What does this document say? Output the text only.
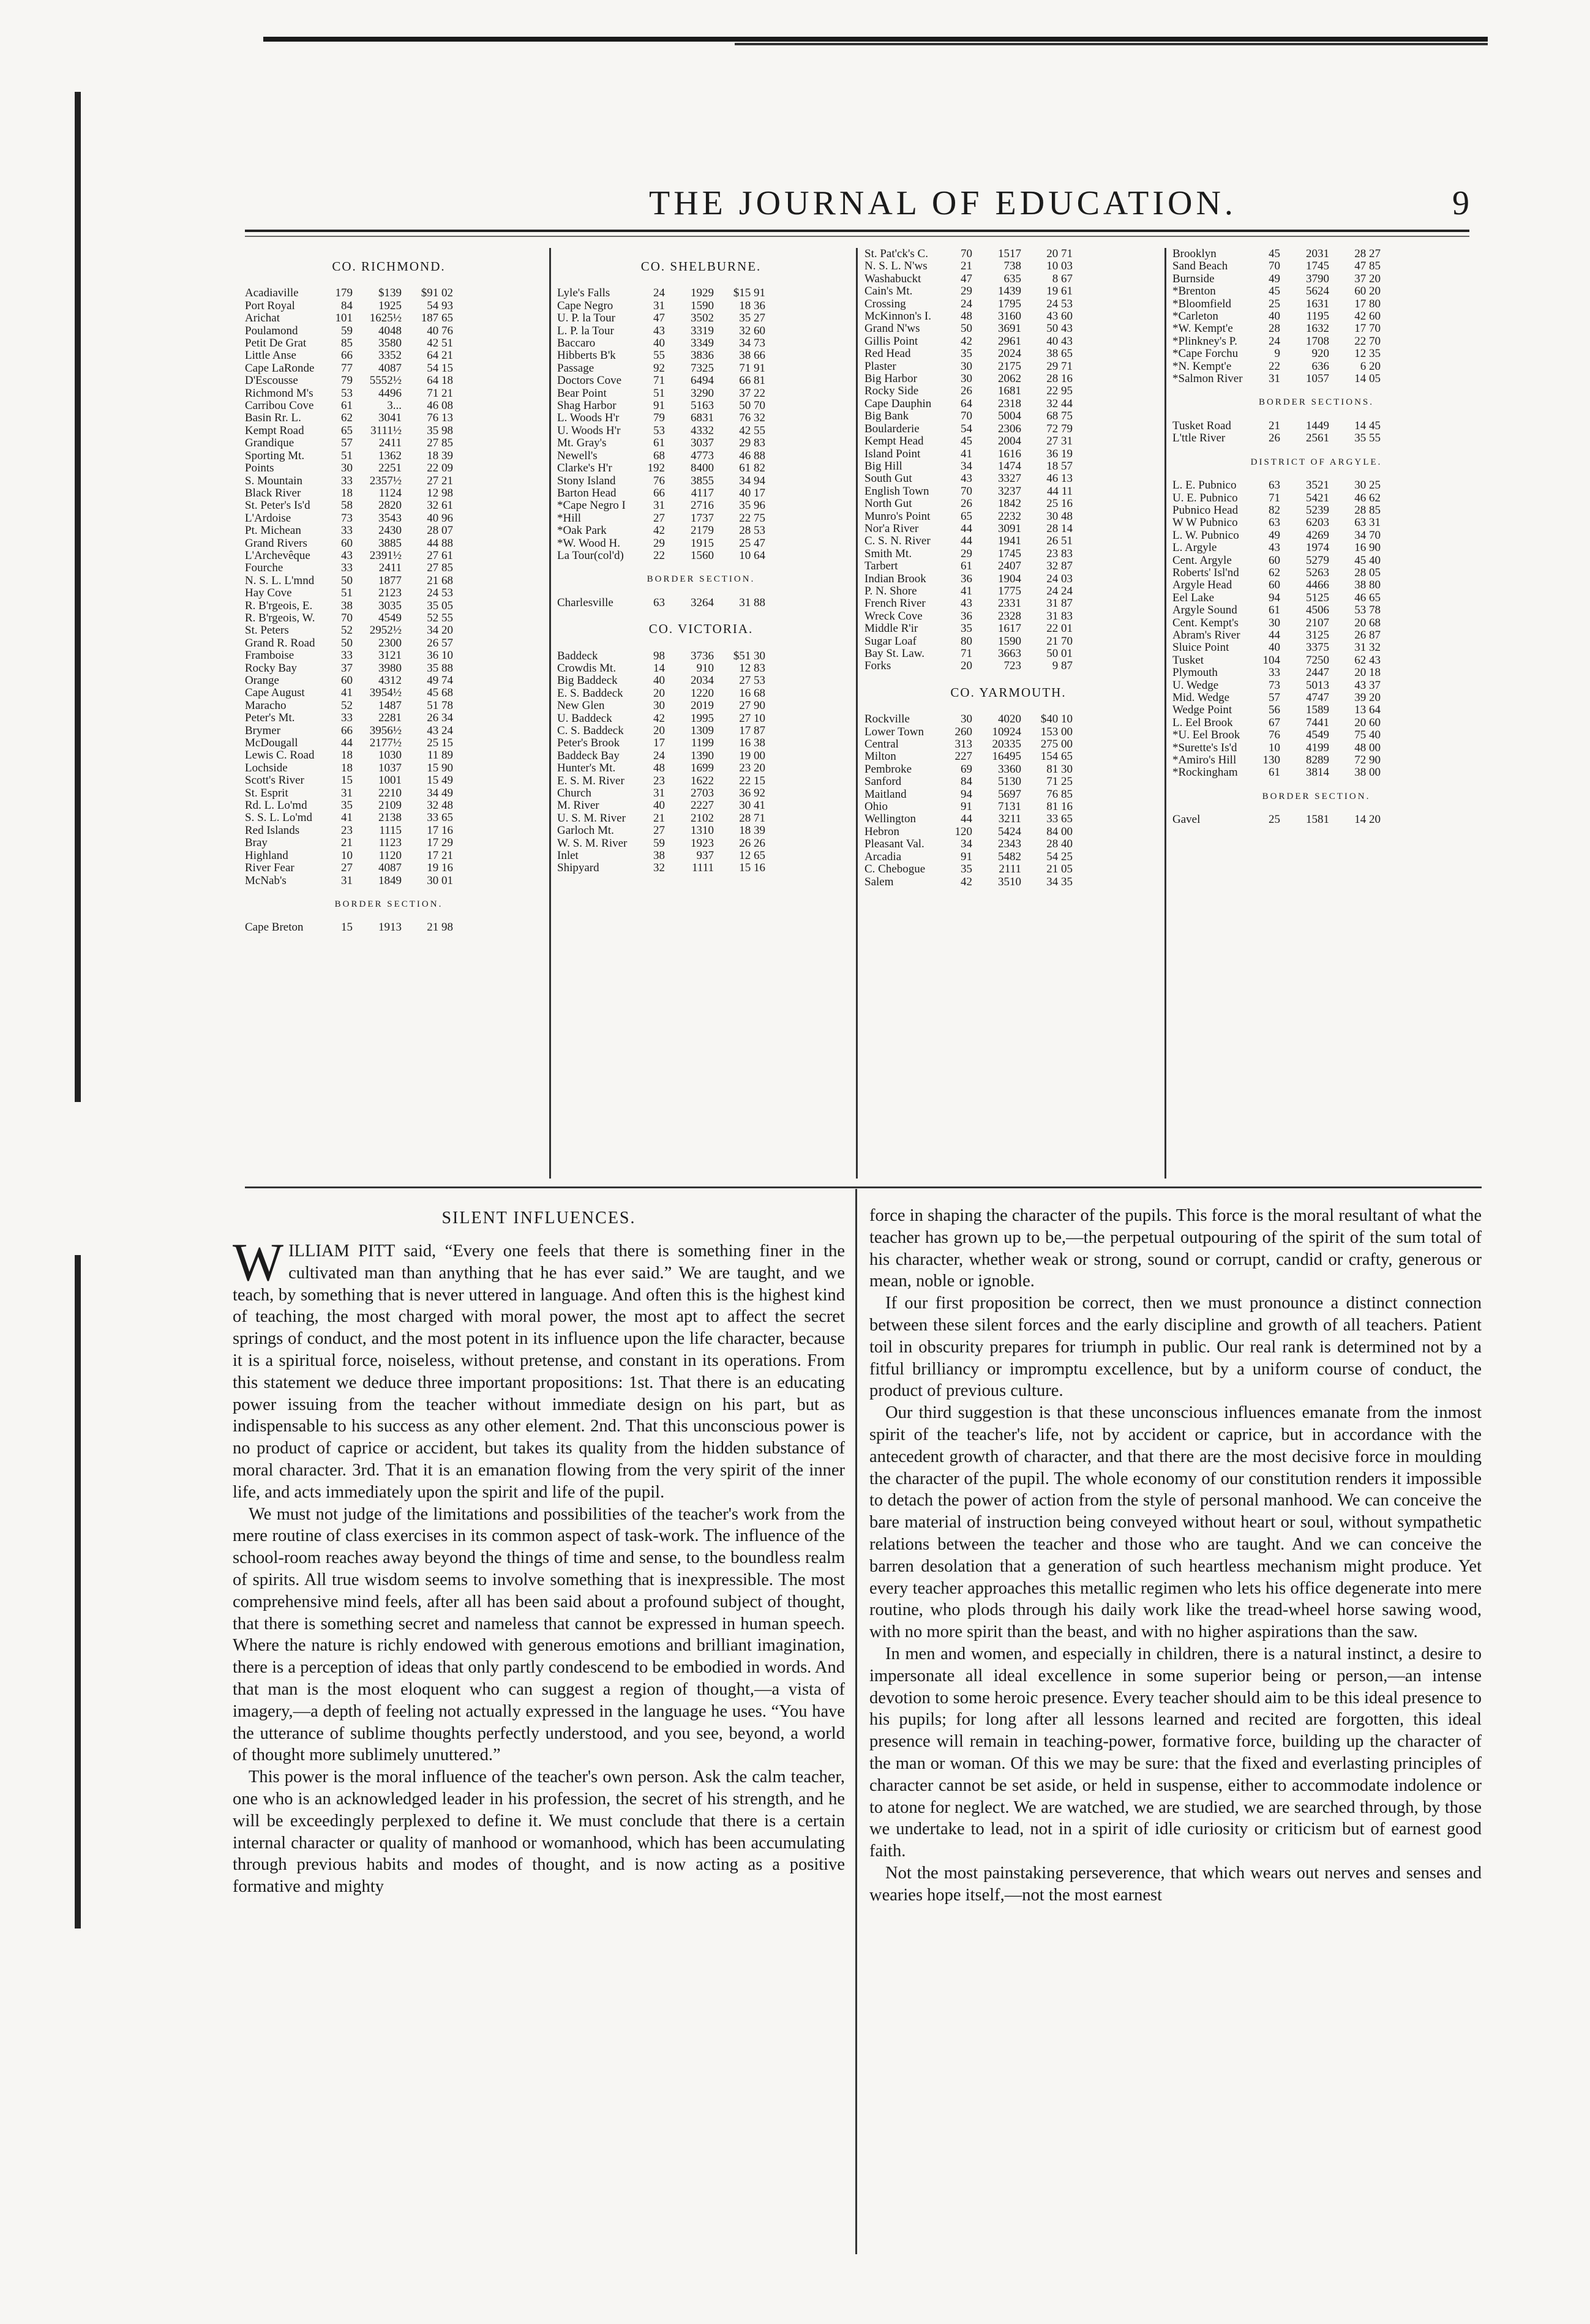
THE JOURNAL OF EDUCATION.	9
CO. RICHMOND.
Acadiaville	179	$139	$91 02
Port Royal	84	1925	54 93
Arichat	101	1625½	187 65
Poulamond	59	4048	40 76
Petit De Grat	85	3580	42 51
Little Anse	66	3352	64 21
Cape LaRonde	77	4087	54 15
D'Escousse	79	5552½	64 18
Richmond M's	53	4496	71 21
Carribou Cove	61	3...	46 08
Basin Rr. L.	62	3041	76 13
Kempt Road	65	3111½	35 98
Grandique	57	2411	27 85
Sporting Mt.	51	1362	18 39
Points	30	2251	22 09
S. Mountain	33	2357½	27 21
Black River	18	1124	12 98
St. Peter's Is'd	58	2820	32 61
L'Ardoise	73	3543	40 96
Pt. Michean	33	2430	28 07
Grand Rivers	60	3885	44 88
L'Archevêque	43	2391½	27 61
Fourche	33	2411	27 85
N. S. L. L'mnd	50	1877	21 68
Hay Cove	51	2123	24 53
R. B'rgeois, E.	38	3035	35 05
R. B'rgeois, W.	70	4549	52 55
St. Peters	52	2952½	34 20
Grand R. Road	50	2300	26 57
Framboise	33	3121	36 10
Rocky Bay	37	3980	35 88
Orange	60	4312	49 74
Cape August	41	3954½	45 68
Maracho	52	1487	51 78
Peter's Mt.	33	2281	26 34
Brymer	66	3956½	43 24
McDougall	44	2177½	25 15
Lewis C. Road	18	1030	11 89
Lochside	18	1037	15 90
Scott's River	15	1001	15 49
St. Esprit	31	2210	34 49
Rd. L. Lo'md	35	2109	32 48
S. S. L. Lo'md	41	2138	33 65
Red Islands	23	1115	17 16
Bray	21	1123	17 29
Highland	10	1120	17 21
River Fear	27	4087	19 16
McNab's	31	1849	30 01
BORDER SECTION.
Cape Breton	15	1913	21 98
CO. SHELBURNE.
Lyle's Falls	24	1929	$15 91
Cape Negro	31	1590	18 36
U. P. la Tour	47	3502	35 27
L. P. la Tour	43	3319	32 60
Baccaro	40	3349	34 73
Hibberts B'k	55	3836	38 66
Passage	92	7325	71 91
Doctors Cove	71	6494	66 81
Bear Point	51	3290	37 22
Shag Harbor	91	5163	50 70
L. Woods H'r	79	6831	76 32
U. Woods H'r	53	4332	42 55
Mt. Gray's	61	3037	29 83
Newell's	68	4773	46 88
Clarke's H'r	192	8400	61 82
Stony Island	76	3855	34 94
Barton Head	66	4117	40 17
*Cape Negro I	31	2716	35 96
*Hill	27	1737	22 75
*Oak Park	42	2179	28 53
*W. Wood H.	29	1915	25 47
La Tour(col'd)	22	1560	10 64
BORDER SECTION.
Charlesville	63	3264	31 88
CO. VICTORIA.
Baddeck	98	3736	$51 30
Crowdis Mt.	14	910	12 83
Big Baddeck	40	2034	27 53
E. S. Baddeck	20	1220	16 68
New Glen	30	2019	27 90
U. Baddeck	42	1995	27 10
C. S. Baddeck	20	1309	17 87
Peter's Brook	17	1199	16 38
Baddeck Bay	24	1390	19 00
Hunter's Mt.	48	1699	23 20
E. S. M. River	23	1622	22 15
Church	31	2703	36 92
M. River	40	2227	30 41
U. S. M. River	21	2102	28 71
Garloch Mt.	27	1310	18 39
W. S. M. River	59	1923	26 26
Inlet	38	937	12 65
Shipyard	32	1111	15 16
St. Pat'ck's C.	70	1517	20 71
N. S. L. N'ws	21	738	10 03
Washabuckt	47	635	8 67
Cain's Mt.	29	1439	19 61
Crossing	24	1795	24 53
McKinnon's I.	48	3160	43 60
Grand N'ws	50	3691	50 43
Gillis Point	42	2961	40 43
Red Head	35	2024	38 65
Plaster	30	2175	29 71
Big Harbor	30	2062	28 16
Rocky Side	26	1681	22 95
Cape Dauphin	64	2318	32 44
Big Bank	70	5004	68 75
Boularderie	54	2306	72 79
Kempt Head	45	2004	27 31
Island Point	41	1616	36 19
Big Hill	34	1474	18 57
South Gut	43	3327	46 13
English Town	70	3237	44 11
North Gut	26	1842	25 16
Munro's Point	65	2232	30 48
Nor'a River	44	3091	28 14
C. S. N. River	44	1941	26 51
Smith Mt.	29	1745	23 83
Tarbert	61	2407	32 87
Indian Brook	36	1904	24 03
P. N. Shore	41	1775	24 24
French River	43	2331	31 87
Wreck Cove	36	2328	31 83
Middle R'ir	35	1617	22 01
Sugar Loaf	80	1590	21 70
Bay St. Law.	71	3663	50 01
Forks	20	723	9 87
CO. YARMOUTH.
Rockville	30	4020	$40 10
Lower Town	260	10924	153 00
Central	313	20335	275 00
Milton	227	16495	154 65
Pembroke	69	3360	81 30
Sanford	84	5130	71 25
Maitland	94	5697	76 85
Ohio	91	7131	81 16
Wellington	44	3211	33 65
Hebron	120	5424	84 00
Pleasant Val.	34	2343	28 40
Arcadia	91	5482	54 25
C. Chebogue	35	2111	21 05
Salem	42	3510	34 35
Brooklyn	45	2031	28 27
Sand Beach	70	1745	47 85
Burnside	49	3790	37 20
*Brenton	45	5624	60 20
*Bloomfield	25	1631	17 80
*Carleton	40	1195	42 60
*W. Kempt'e	28	1632	17 70
*Plinkney's P.	24	1708	22 70
*Cape Forchu	9	920	12 35
*N. Kempt'e	22	636	6 20
*Salmon River	31	1057	14 05
BORDER SECTIONS.
Tusket Road	21	1449	14 45
L'ttle River	26	2561	35 55
DISTRICT OF ARGYLE.
L. E. Pubnico	63	3521	30 25
U. E. Pubnico	71	5421	46 62
Pubnico Head	82	5239	28 85
W W Pubnico	63	6203	63 31
L. W. Pubnico	49	4269	34 70
L. Argyle	43	1974	16 90
Cent. Argyle	60	5279	45 40
Roberts' Isl'nd	62	5263	28 05
Argyle Head	60	4466	38 80
Eel Lake	94	5125	46 65
Argyle Sound	61	4506	53 78
Cent. Kempt's	30	2107	20 68
Abram's River	44	3125	26 87
Sluice Point	40	3375	31 32
Tusket	104	7250	62 43
Plymouth	33	2447	20 18
U. Wedge	73	5013	43 37
Mid. Wedge	57	4747	39 20
Wedge Point	56	1589	13 64
L. Eel Brook	67	7441	20 60
*U. Eel Brook	76	4549	75 40
*Surette's Is'd	10	4199	48 00
*Amiro's Hill	130	8289	72 90
*Rockingham	61	3814	38 00
BORDER SECTION.
Gavel	25	1581	14 20
SILENT INFLUENCES.

WILLIAM PITT said, “Every one feels that there is something finer in the cultivated man than anything that he has ever said.” We are taught, and we teach, by something that is never uttered in language. And often this is the highest kind of teaching, the most charged with moral power, the most apt to affect the secret springs of conduct, and the most potent in its influence upon the life character, because it is a spiritual force, noiseless, without pretense, and constant in its operations. From this statement we deduce three important propositions: 1st. That there is an educating power issuing from the teacher without immediate design on his part, but as indispensable to his success as any other element. 2nd. That this unconscious power is no product of caprice or accident, but takes its quality from the hidden substance of moral character. 3rd. That it is an emanation flowing from the very spirit of the inner life, and acts immediately upon the spirit and life of the pupil.

We must not judge of the limitations and possibilities of the teacher's work from the mere routine of class exercises in its common aspect of task-work. The influence of the school-room reaches away beyond the things of time and sense, to the boundless realm of spirits. All true wisdom seems to involve something that is inexpressible. The most comprehensive mind feels, after all has been said about a profound subject of thought, that there is something secret and nameless that cannot be expressed in human speech. Where the nature is richly endowed with generous emotions and brilliant imagination, there is a perception of ideas that only partly condescend to be embodied in words. And that man is the most eloquent who can suggest a region of thought,—a vista of imagery,—a depth of feeling not actually expressed in the language he uses. “You have the utterance of sublime thoughts perfectly understood, and you see, beyond, a world of thought more sublimely unuttered.”

This power is the moral influence of the teacher's own person. Ask the calm teacher, one who is an acknowledged leader in his profession, the secret of his strength, and he will be exceedingly perplexed to define it. We must conclude that there is a certain internal character or quality of manhood or womanhood, which has been accumulating through previous habits and modes of thought, and is now acting as a positive formative and mighty

force in shaping the character of the pupils. This force is the moral resultant of what the teacher has grown up to be,—the perpetual outpouring of the spirit of the sum total of his character, whether weak or strong, sound or corrupt, candid or crafty, generous or mean, noble or ignoble.

If our first proposition be correct, then we must pronounce a distinct connection between these silent forces and the early discipline and growth of all teachers. Patient toil in obscurity prepares for triumph in public. Our real rank is determined not by a fitful brilliancy or impromptu excellence, but by a uniform course of conduct, the product of previous culture.

Our third suggestion is that these unconscious influences emanate from the inmost spirit of the teacher's life, not by accident or caprice, but in accordance with the antecedent growth of character, and that there are the most decisive force in moulding the character of the pupil. The whole economy of our constitution renders it impossible to detach the power of action from the style of personal manhood. We can conceive the bare material of instruction being conveyed without heart or soul, without sympathetic relations between the teacher and those who are taught. And we can conceive the barren desolation that a generation of such heartless mechanism might produce. Yet every teacher approaches this metallic regimen who lets his office degenerate into mere routine, who plods through his daily work like the tread-wheel horse sawing wood, with no more spirit than the beast, and with no higher aspirations than the saw.

In men and women, and especially in children, there is a natural instinct, a desire to impersonate all ideal excellence in some superior being or person,—an intense devotion to some heroic presence. Every teacher should aim to be this ideal presence to his pupils; for long after all lessons learned and recited are forgotten, this ideal presence will remain in teaching-power, formative force, building up the character of the man or woman. Of this we may be sure: that the fixed and everlasting principles of character cannot be set aside, or held in suspense, either to accommodate indolence or to atone for neglect. We are watched, we are studied, we are searched through, by those we undertake to lead, not in a spirit of idle curiosity or criticism but of earnest good faith.

Not the most painstaking perseverence, that which wears out nerves and senses and wearies hope itself,—not the most earnest
